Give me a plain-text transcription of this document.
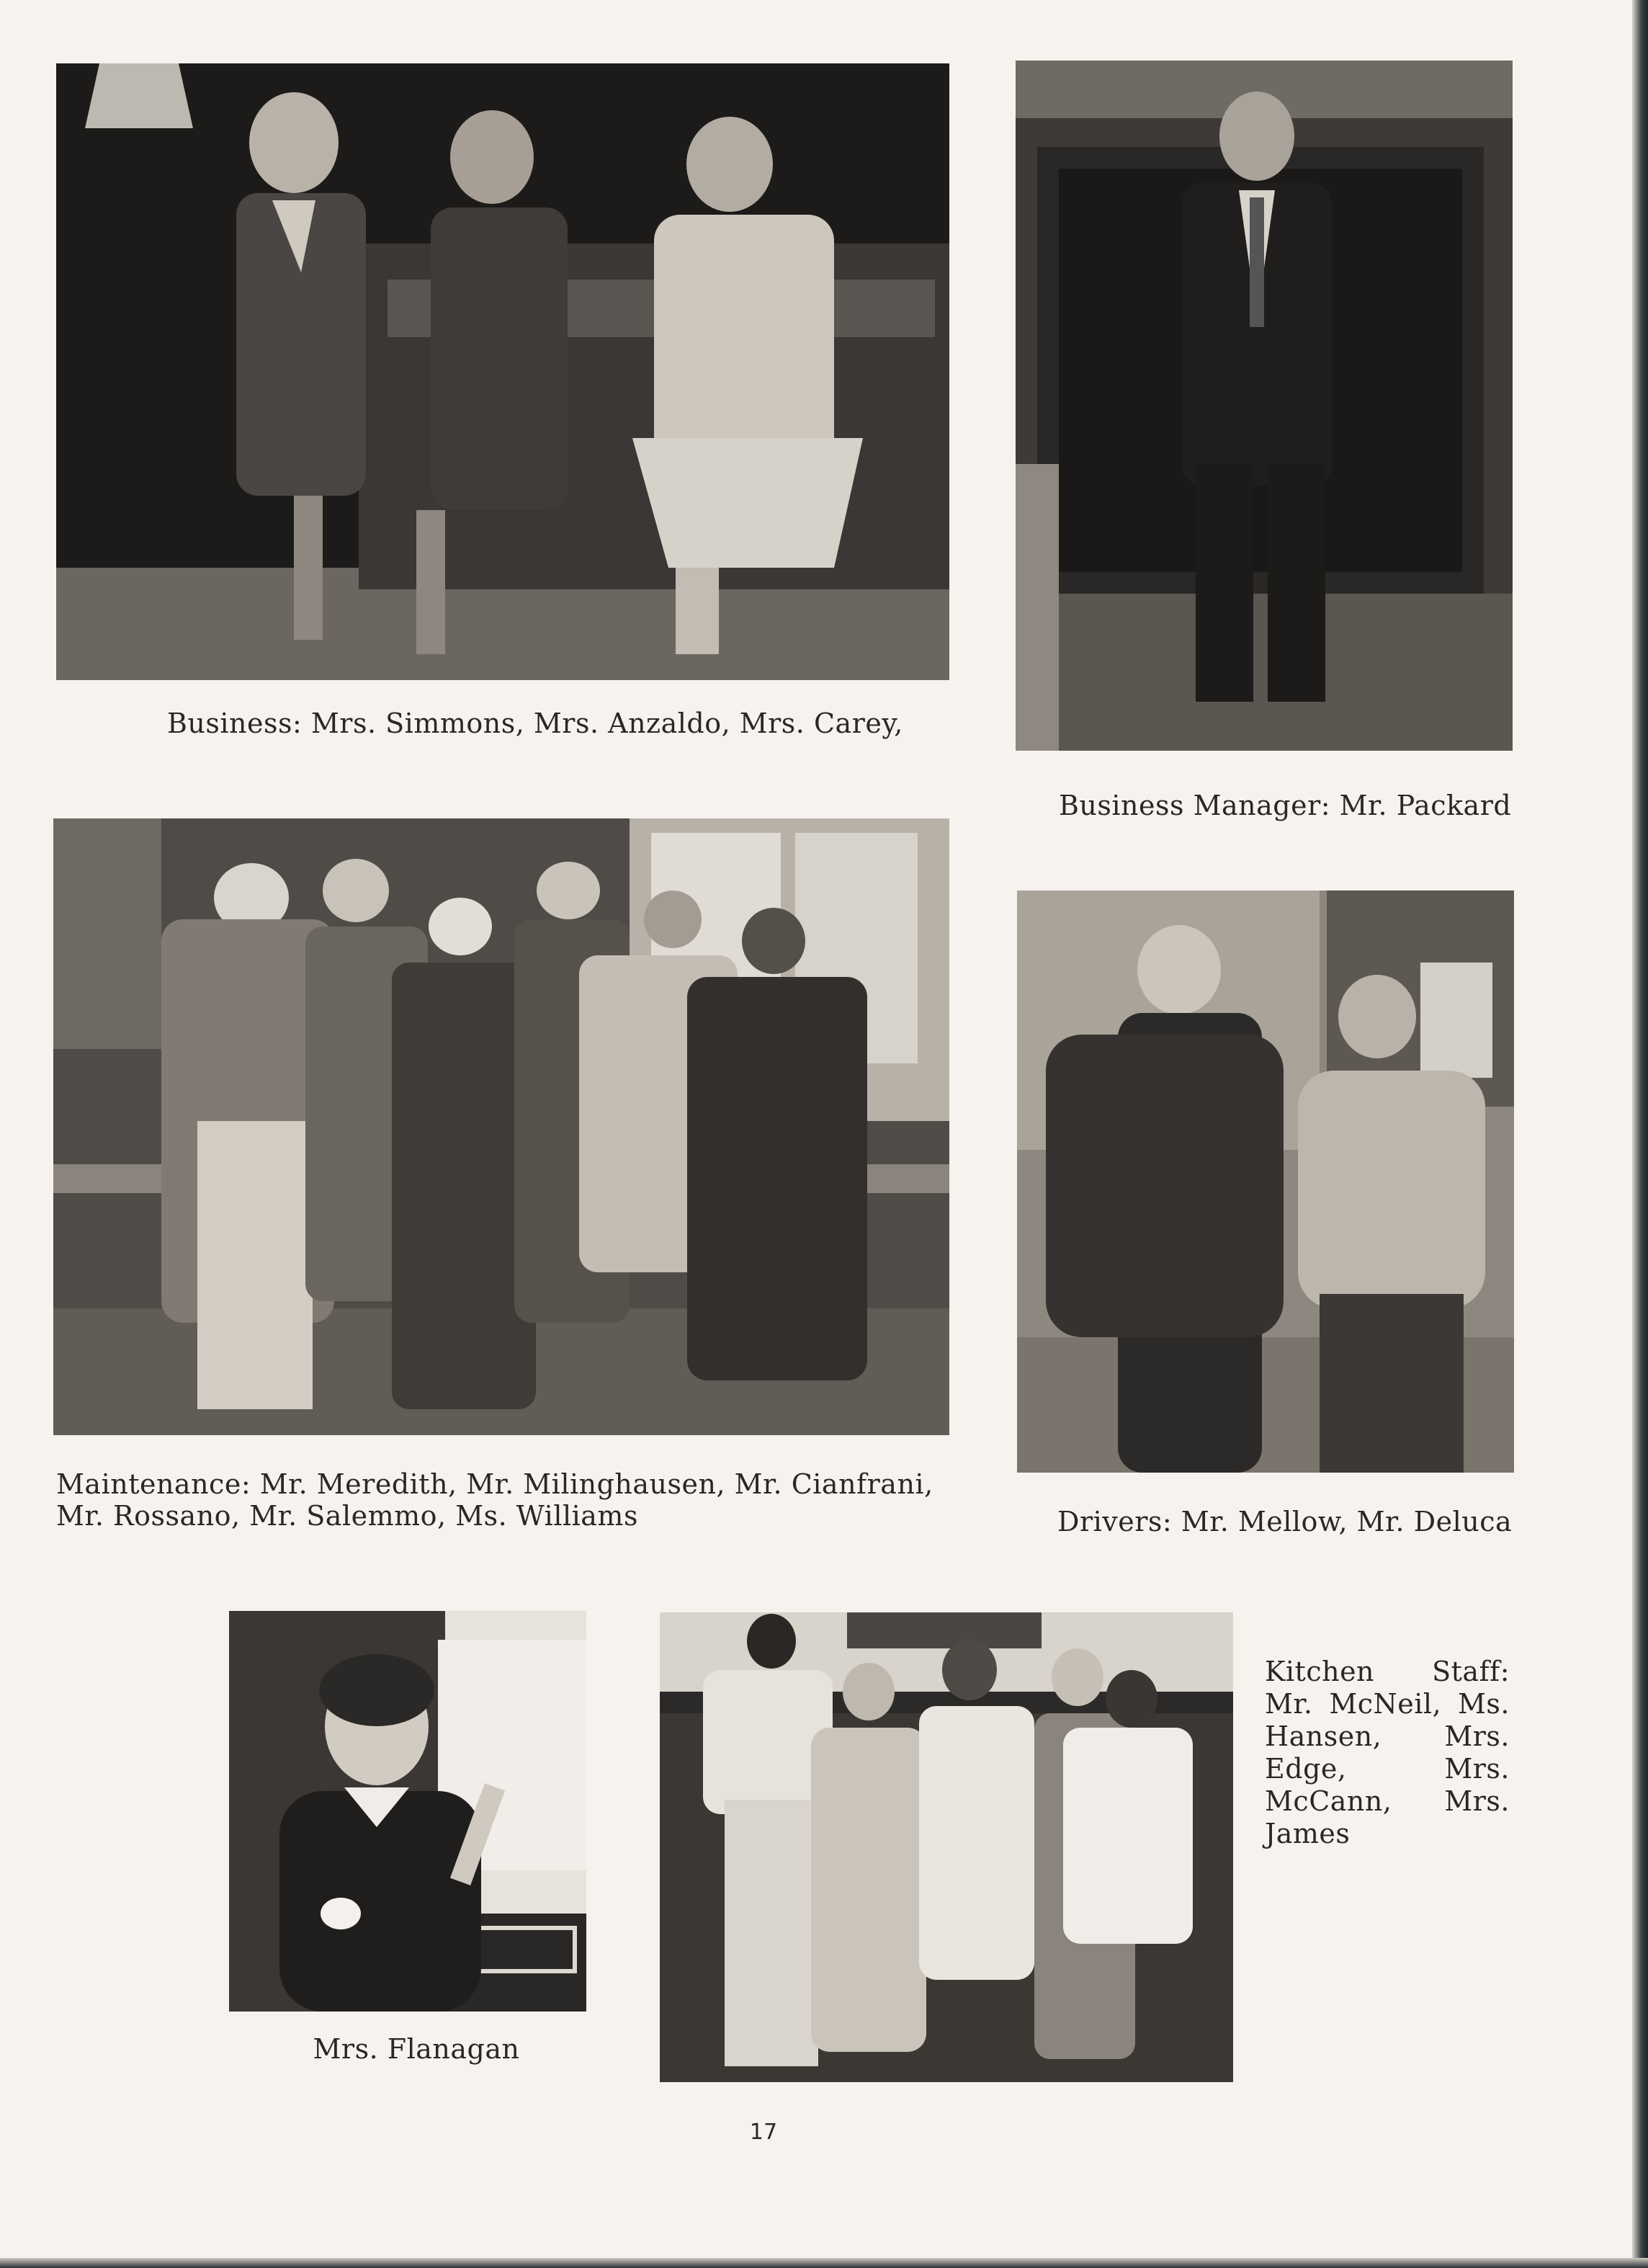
Business: Mrs. Simmons, Mrs. Anzaldo, Mrs. Carey,

Business Manager: Mr. Packard

Maintenance: Mr. Meredith, Mr. Milinghausen, Mr. Cianfrani, Mr. Rossano, Mr. Salemmo, Ms. Williams	Drivers: Mr. Mellow, Mr. Deluca

Kitchen Staff: Mr. McNeil, Ms. Hansen, Mrs. Edge, Mrs. McCann, Mrs. James

Mrs. Flanagan

17
